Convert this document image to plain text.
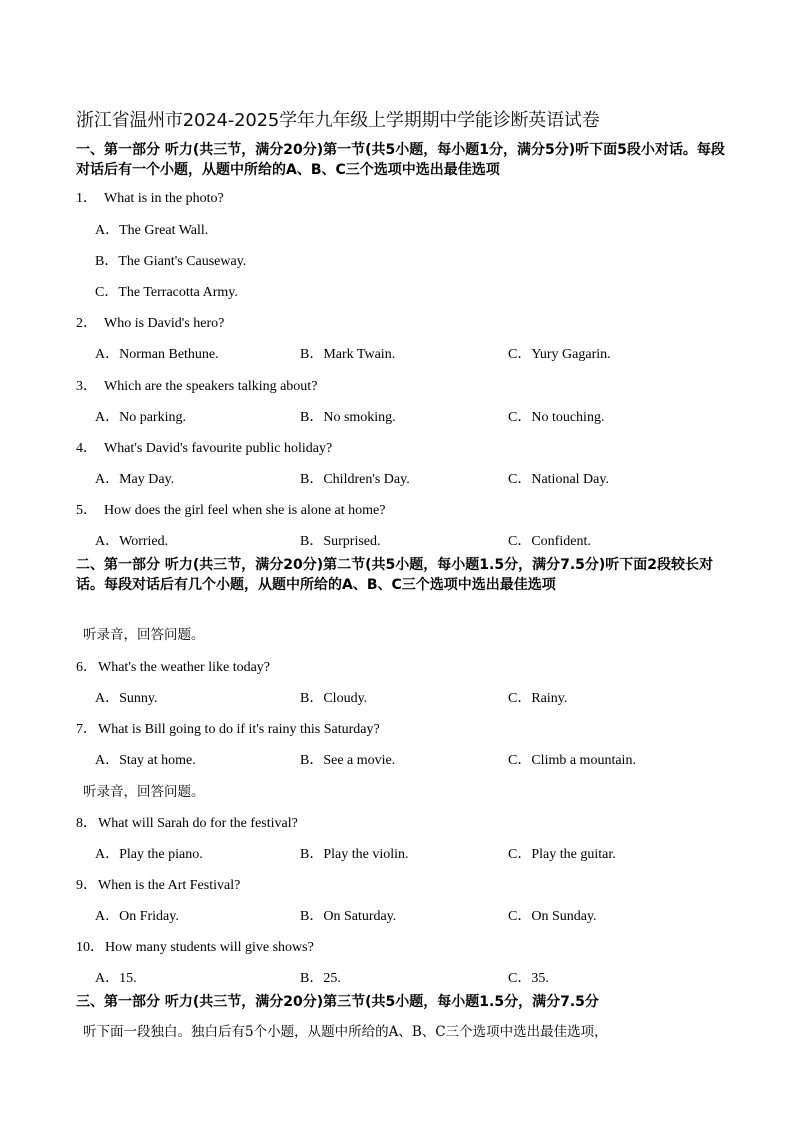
浙江省温州市2024-2025学年九年级上学期期中学能诊断英语试卷
一、第一部分 听力(共三节，满分20分)第一节(共5小题，每小题1分，满分5分)听下面5段小对话。每段对话后有一个小题，从题中所给的A、B、C三个选项中选出最佳选项
1． What is in the photo?
A．The Great Wall.
B．The Giant's Causeway.
C．The Terracotta Army.
2． Who is David's hero?
A．Norman Bethune.	B．Mark Twain.	C．Yury Gagarin.
3． Which are the speakers talking about?
A．No parking.	B．No smoking.	C．No touching.
4． What's David's favourite public holiday?
A．May Day.	B．Children's Day.	C．National Day.
5． How does the girl feel when she is alone at home?
A．Worried.	B．Surprised.	C．Confident.
二、第一部分 听力(共三节，满分20分)第二节(共5小题，每小题1.5分，满分7.5分)听下面2段较长对话。每段对话后有几个小题，从题中所给的A、B、C三个选项中选出最佳选项
听录音，回答问题。
6．What's the weather like today?
A．Sunny.	B．Cloudy.	C．Rainy.
7．What is Bill going to do if it's rainy this Saturday?
A．Stay at home.	B．See a movie.	C．Climb a mountain.
听录音，回答问题。
8．What will Sarah do for the festival?
A．Play the piano.	B．Play the violin.	C．Play the guitar.
9．When is the Art Festival?
A．On Friday.	B．On Saturday.	C．On Sunday.
10．How many students will give shows?
A．15.	B．25.	C．35.
三、第一部分 听力(共三节，满分20分)第三节(共5小题，每小题1.5分，满分7.5分
听下面一段独白。独白后有5个小题，从题中所给的A、B、C三个选项中选出最佳选项，
